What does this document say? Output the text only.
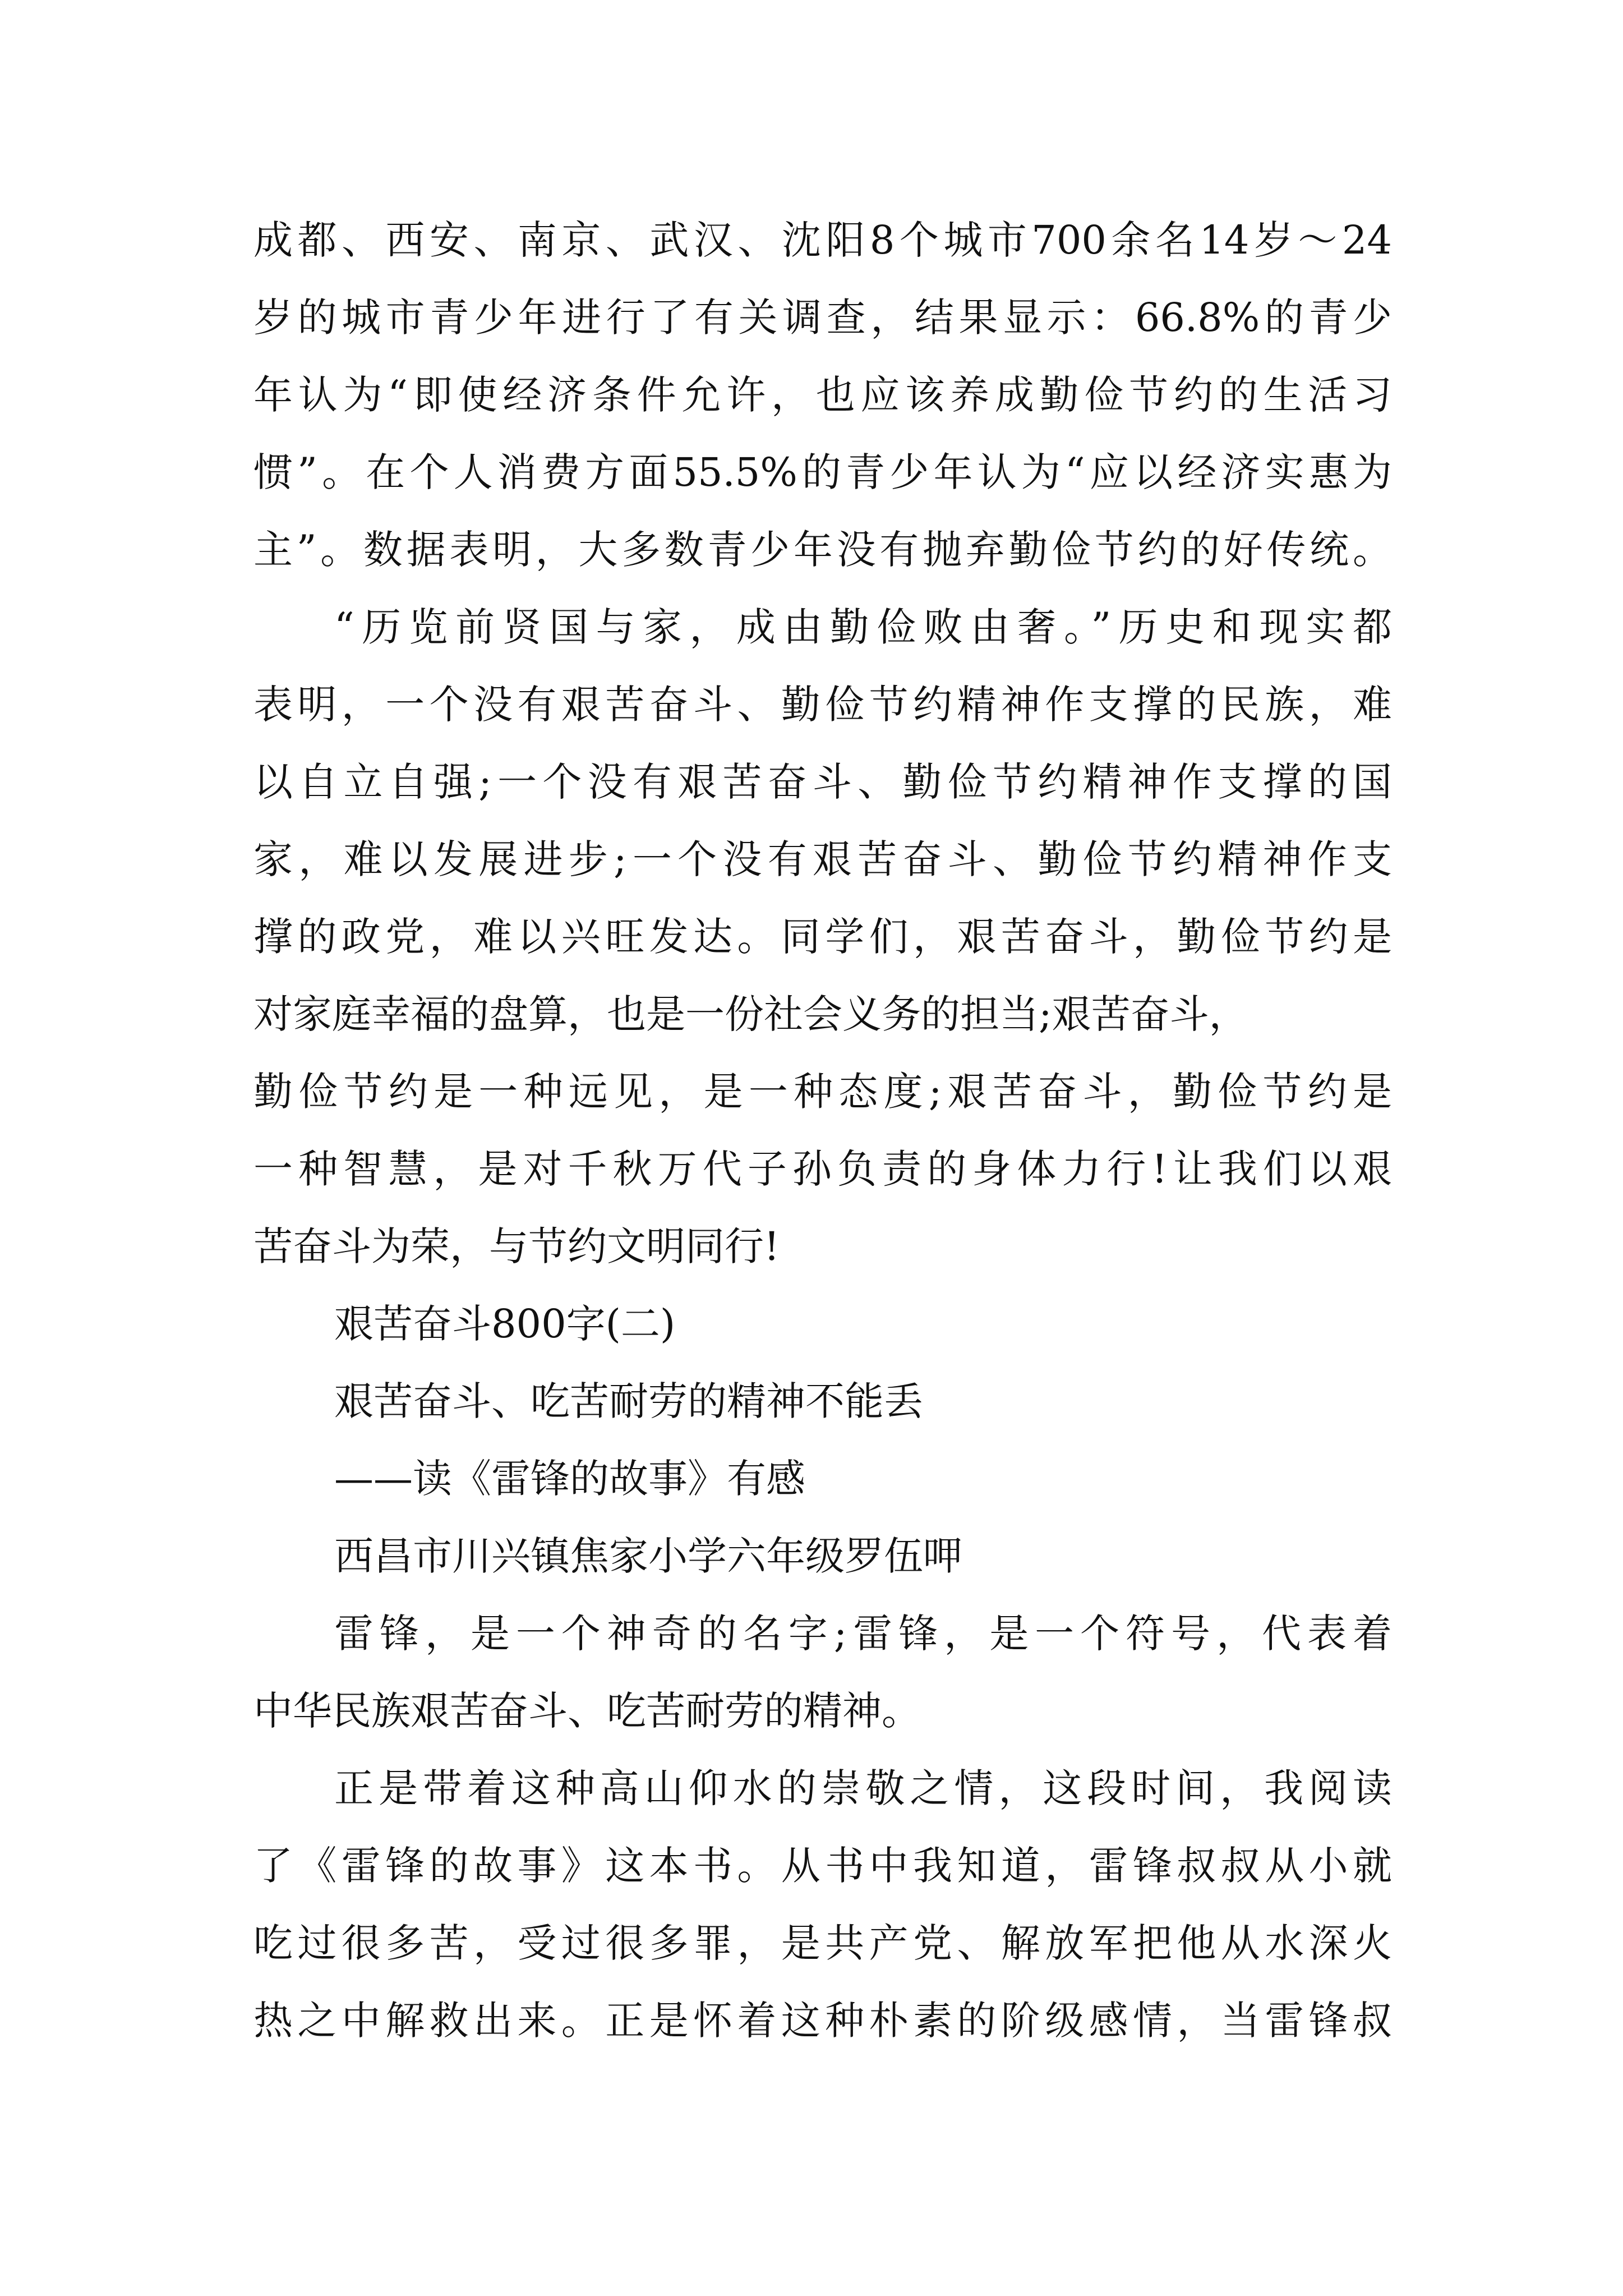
成都、西安、南京、武汉、沈阳8个城市700余名14岁～24
岁的城市青少年进行了有关调查，结果显示：66.8%的青少
年认为“即使经济条件允许，也应该养成勤俭节约的生活习
惯”。在个人消费方面55.5%的青少年认为“应以经济实惠为
主”。数据表明，大多数青少年没有抛弃勤俭节约的好传统。
“历览前贤国与家，成由勤俭败由奢。”历史和现实都
表明，一个没有艰苦奋斗、勤俭节约精神作支撑的民族，难
以自立自强;一个没有艰苦奋斗、勤俭节约精神作支撑的国
家，难以发展进步;一个没有艰苦奋斗、勤俭节约精神作支
撑的政党，难以兴旺发达。同学们，艰苦奋斗，勤俭节约是
对家庭幸福的盘算，也是一份社会义务的担当;艰苦奋斗，
勤俭节约是一种远见，是一种态度;艰苦奋斗，勤俭节约是
一种智慧，是对千秋万代子孙负责的身体力行!让我们以艰
苦奋斗为荣，与节约文明同行!
艰苦奋斗800字(二)
艰苦奋斗、吃苦耐劳的精神不能丢
——读《雷锋的故事》有感
西昌市川兴镇焦家小学六年级罗伍呷
雷锋，是一个神奇的名字;雷锋，是一个符号，代表着
中华民族艰苦奋斗、吃苦耐劳的精神。
正是带着这种高山仰水的崇敬之情，这段时间，我阅读
了《雷锋的故事》这本书。从书中我知道，雷锋叔叔从小就
吃过很多苦，受过很多罪，是共产党、解放军把他从水深火
热之中解救出来。正是怀着这种朴素的阶级感情，当雷锋叔
